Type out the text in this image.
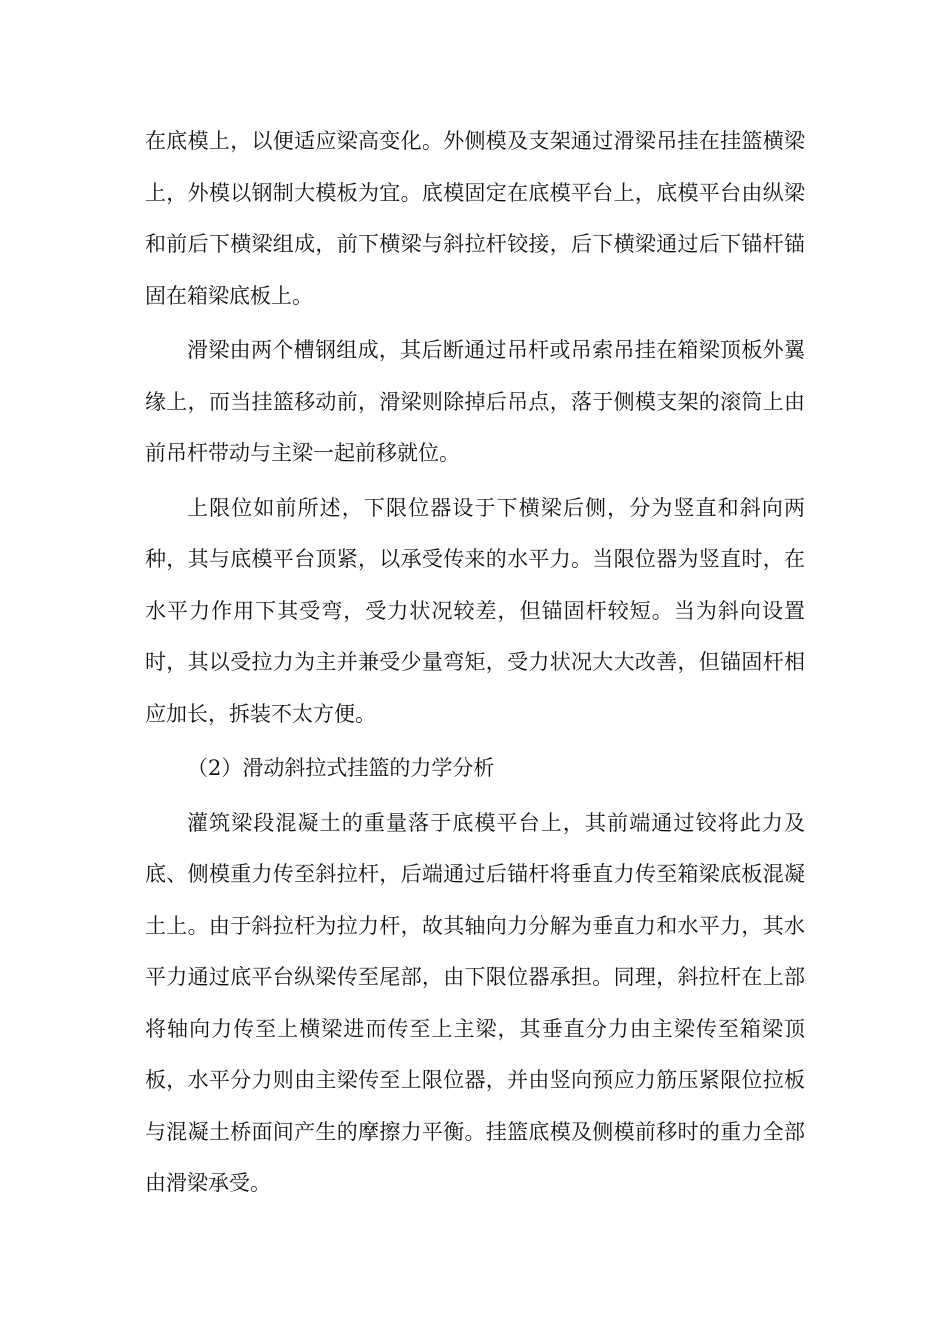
在底模上，以便适应梁高变化。外侧模及支架通过滑梁吊挂在挂篮横梁上，外模以钢制大模板为宜。底模固定在底模平台上，底模平台由纵梁和前后下横梁组成，前下横梁与斜拉杆铰接，后下横梁通过后下锚杆锚固在箱梁底板上。

滑梁由两个槽钢组成，其后断通过吊杆或吊索吊挂在箱梁顶板外翼缘上，而当挂篮移动前，滑梁则除掉后吊点，落于侧模支架的滚筒上由前吊杆带动与主梁一起前移就位。

上限位如前所述，下限位器设于下横梁后侧，分为竖直和斜向两种，其与底模平台顶紧，以承受传来的水平力。当限位器为竖直时，在水平力作用下其受弯，受力状况较差，但锚固杆较短。当为斜向设置时，其以受拉力为主并兼受少量弯矩，受力状况大大改善，但锚固杆相应加长，拆装不太方便。

（2）滑动斜拉式挂篮的力学分析

灌筑梁段混凝土的重量落于底模平台上，其前端通过铰将此力及底、侧模重力传至斜拉杆，后端通过后锚杆将垂直力传至箱梁底板混凝土上。由于斜拉杆为拉力杆，故其轴向力分解为垂直力和水平力，其水平力通过底平台纵梁传至尾部，由下限位器承担。同理，斜拉杆在上部将轴向力传至上横梁进而传至上主梁，其垂直分力由主梁传至箱梁顶板，水平分力则由主梁传至上限位器，并由竖向预应力筋压紧限位拉板与混凝土桥面间产生的摩擦力平衡。挂篮底模及侧模前移时的重力全部由滑梁承受。
